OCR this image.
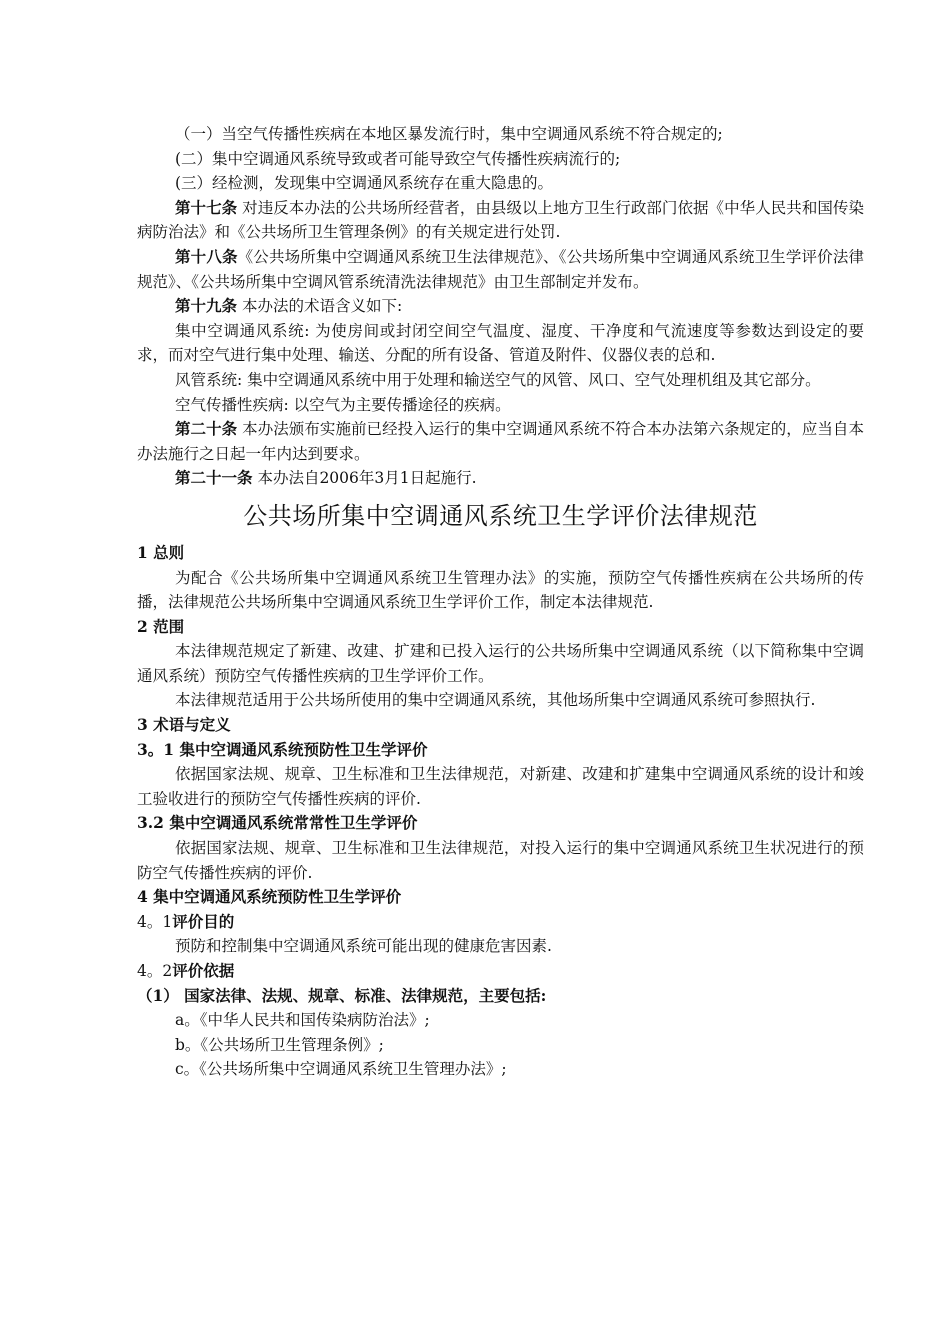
（一）当空气传播性疾病在本地区暴发流行时，集中空调通风系统不符合规定的;

(二）集中空调通风系统导致或者可能导致空气传播性疾病流行的;

(三）经检测，发现集中空调通风系统存在重大隐患的。

第十七条 对违反本办法的公共场所经营者，由县级以上地方卫生行政部门依据《中华人民共和国传染病防治法》和《公共场所卫生管理条例》的有关规定进行处罚.

第十八条《公共场所集中空调通风系统卫生法律规范》、《公共场所集中空调通风系统卫生学评价法律规范》、《公共场所集中空调风管系统清洗法律规范》由卫生部制定并发布。

第十九条 本办法的术语含义如下:

集中空调通风系统: 为使房间或封闭空间空气温度、湿度、干净度和气流速度等参数达到设定的要求，而对空气进行集中处理、输送、分配的所有设备、管道及附件、仪器仪表的总和.

风管系统: 集中空调通风系统中用于处理和输送空气的风管、风口、空气处理机组及其它部分。

空气传播性疾病: 以空气为主要传播途径的疾病。

第二十条 本办法颁布实施前已经投入运行的集中空调通风系统不符合本办法第六条规定的，应当自本办法施行之日起一年内达到要求。

第二十一条 本办法自2006年3月1日起施行.

公共场所集中空调通风系统卫生学评价法律规范

1 总则

为配合《公共场所集中空调通风系统卫生管理办法》的实施，预防空气传播性疾病在公共场所的传播，法律规范公共场所集中空调通风系统卫生学评价工作，制定本法律规范.

2 范围

本法律规范规定了新建、改建、扩建和已投入运行的公共场所集中空调通风系统（以下简称集中空调通风系统）预防空气传播性疾病的卫生学评价工作。

本法律规范适用于公共场所使用的集中空调通风系统，其他场所集中空调通风系统可参照执行.

3 术语与定义

3。1 集中空调通风系统预防性卫生学评价

依据国家法规、规章、卫生标准和卫生法律规范，对新建、改建和扩建集中空调通风系统的设计和竣工验收进行的预防空气传播性疾病的评价.

3.2 集中空调通风系统常常性卫生学评价

依据国家法规、规章、卫生标准和卫生法律规范，对投入运行的集中空调通风系统卫生状况进行的预防空气传播性疾病的评价.

4 集中空调通风系统预防性卫生学评价

4。1评价目的

预防和控制集中空调通风系统可能出现的健康危害因素.

4。2评价依据

（1） 国家法律、法规、规章、标准、法律规范，主要包括:

a。《中华人民共和国传染病防治法》;

b。《公共场所卫生管理条例》;

c。《公共场所集中空调通风系统卫生管理办法》;
